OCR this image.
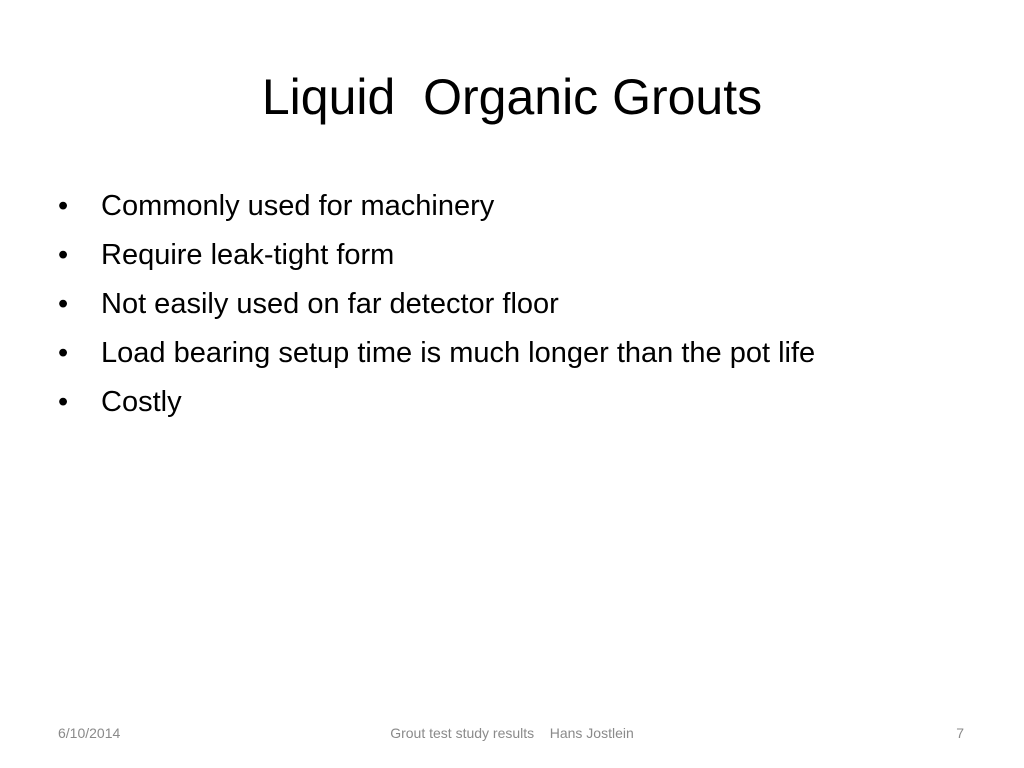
Liquid  Organic Grouts
• Commonly used for machinery
• Require leak-tight form
• Not easily used on far detector floor
• Load bearing setup time is much longer than the pot life
• Costly
6/10/2014	Grout test study results    Hans Jostlein	7
